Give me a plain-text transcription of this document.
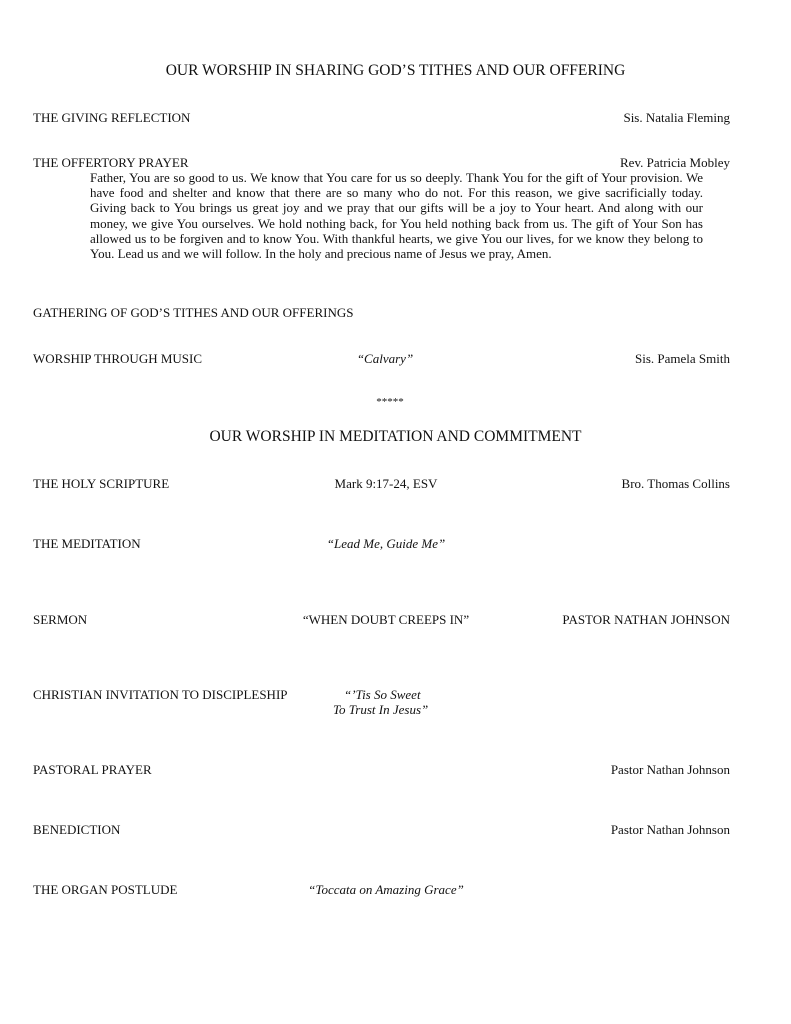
OUR WORSHIP IN SHARING GOD’S TITHES AND OUR OFFERING
THE GIVING REFLECTION	Sis. Natalia Fleming
THE OFFERTORY PRAYER	Rev. Patricia Mobley
Father, You are so good to us. We know that You care for us so deeply. Thank You for the gift of Your provision. We have food and shelter and know that there are so many who do not. For this reason, we give sacrificially today. Giving back to You brings us great joy and we pray that our gifts will be a joy to Your heart. And along with our money, we give You ourselves. We hold nothing back, for You held nothing back from us. The gift of Your Son has allowed us to be forgiven and to know You. With thankful hearts, we give You our lives, for we know they belong to You. Lead us and we will follow. In the holy and precious name of Jesus we pray, Amen.
GATHERING OF GOD’S TITHES AND OUR OFFERINGS
WORSHIP THROUGH MUSIC	“Calvary”	Sis. Pamela Smith
*****
OUR WORSHIP IN MEDITATION AND COMMITMENT
THE HOLY SCRIPTURE	Mark 9:17-24, ESV	Bro. Thomas Collins
THE MEDITATION	“Lead Me, Guide Me”
SERMON	“WHEN DOUBT CREEPS IN”	PASTOR NATHAN JOHNSON
CHRISTIAN INVITATION TO DISCIPLESHIP	“’Tis So Sweet
To Trust In Jesus”
PASTORAL PRAYER	Pastor Nathan Johnson
BENEDICTION	Pastor Nathan Johnson
THE ORGAN POSTLUDE	“Toccata on Amazing Grace”
